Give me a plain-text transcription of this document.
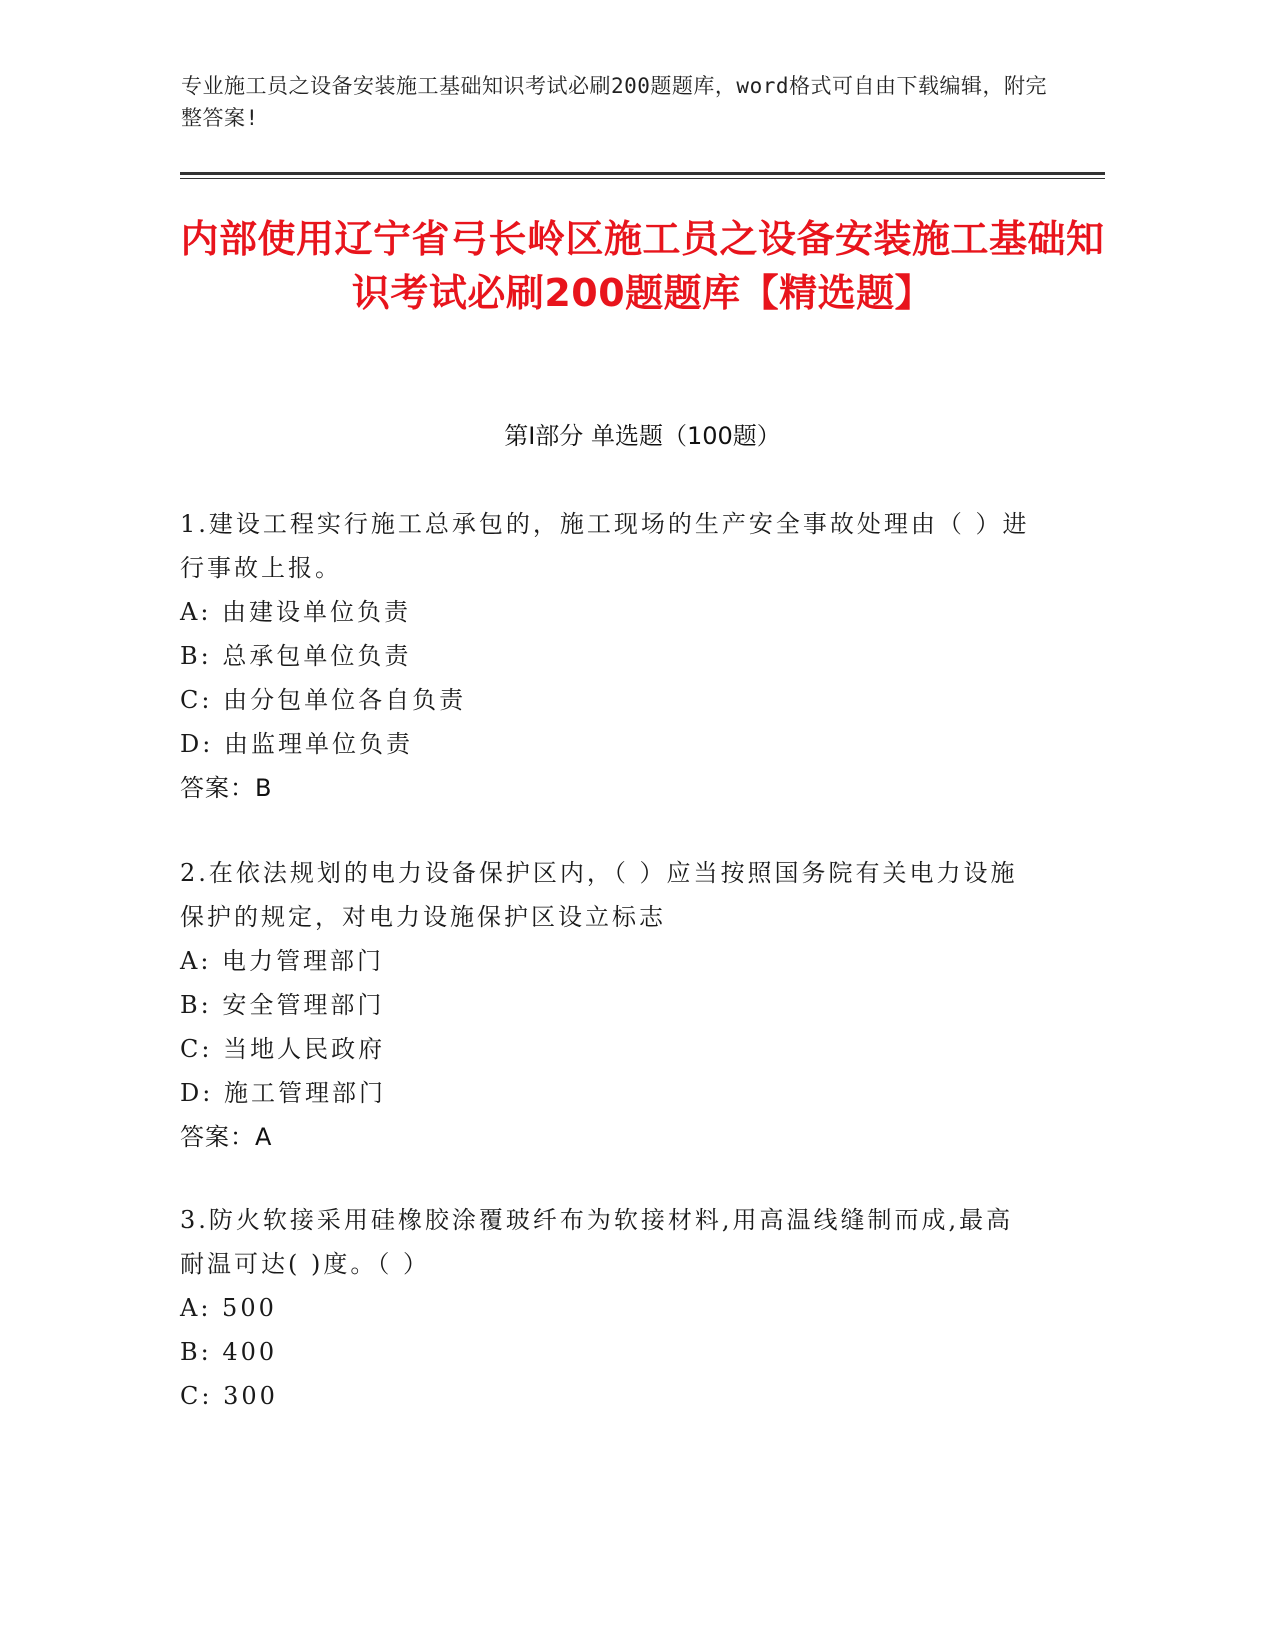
专业施工员之设备安装施工基础知识考试必刷200题题库，word格式可自由下载编辑，附完整答案!
内部使用辽宁省弓长岭区施工员之设备安装施工基础知识考试必刷200题题库【精选题】
第I部分 单选题（100题）
1.建设工程实行施工总承包的，施工现场的生产安全事故处理由（ ）进行事故上报。
A: 由建设单位负责
B: 总承包单位负责
C: 由分包单位各自负责
D: 由监理单位负责
答案：B
2.在依法规划的电力设备保护区内，（ ）应当按照国务院有关电力设施保护的规定，对电力设施保护区设立标志
A: 电力管理部门
B: 安全管理部门
C: 当地人民政府
D: 施工管理部门
答案：A
3.防火软接采用硅橡胶涂覆玻纤布为软接材料,用高温线缝制而成,最高耐温可达( )度。（ ）
A: 500
B: 400
C: 300
